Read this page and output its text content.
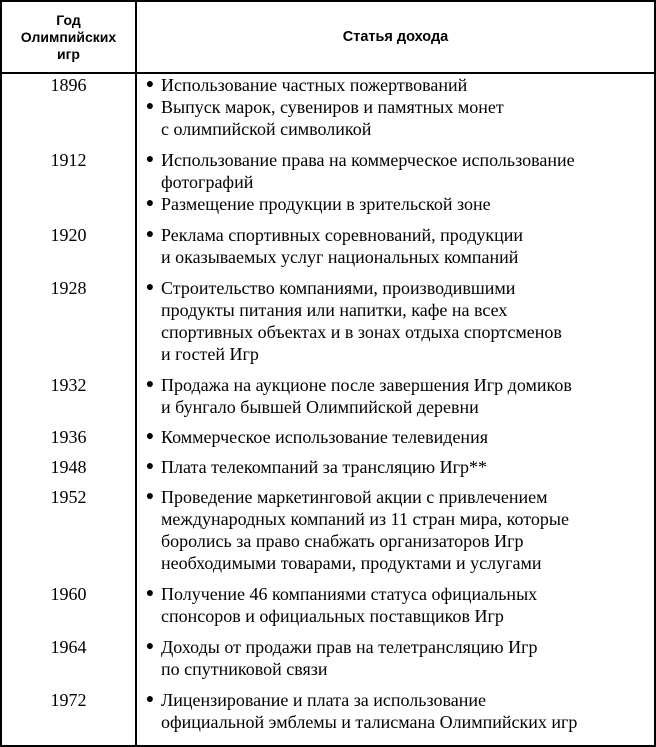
Год
Олимпийских
игр
Статья дохода
1896	● Использование частных пожертвований
● Выпуск марок, сувениров и памятных монет
с олимпийской символикой
1912	● Использование права на коммерческое использование
фотографий
● Размещение продукции в зрительской зоне
1920	● Реклама спортивных соревнований, продукции
и оказываемых услуг национальных компаний
1928	● Строительство компаниями, производившими
продукты питания или напитки, кафе на всех
спортивных объектах и в зонах отдыха спортсменов
и гостей Игр
1932	● Продажа на аукционе после завершения Игр домиков
и бунгало бывшей Олимпийской деревни
1936	● Коммерческое использование телевидения
1948	● Плата телекомпаний за трансляцию Игр**
1952	● Проведение маркетинговой акции с привлечением
международных компаний из 11 стран мира, которые
боролись за право снабжать организаторов Игр
необходимыми товарами, продуктами и услугами
1960	● Получение 46 компаниями статуса официальных
спонсоров и официальных поставщиков Игр
1964	● Доходы от продажи прав на телетрансляцию Игр
по спутниковой связи
1972	● Лицензирование и плата за использование
официальной эмблемы и талисмана Олимпийских игр
